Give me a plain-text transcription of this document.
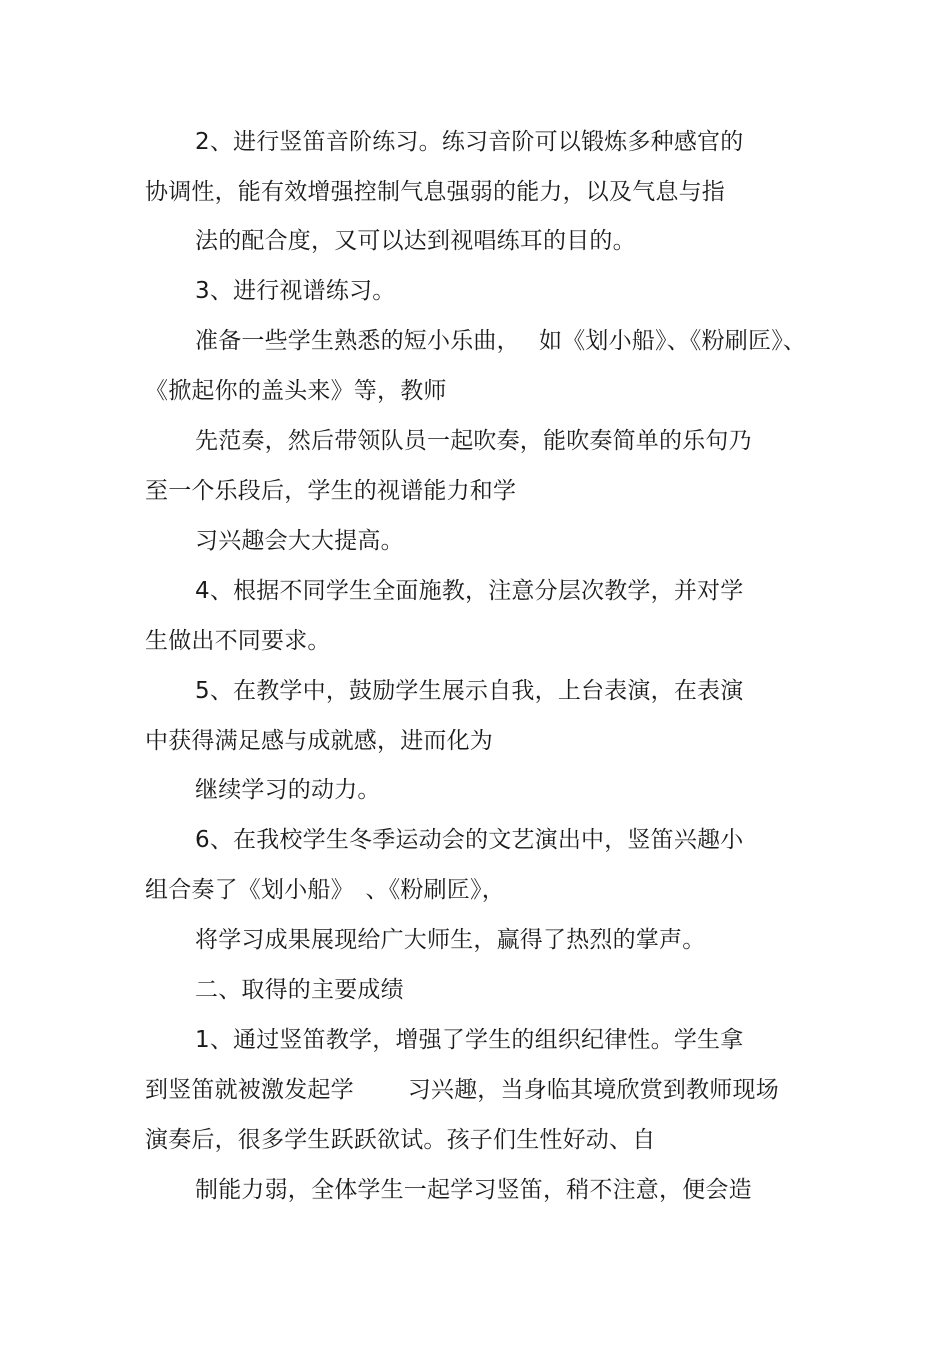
2、进行竖笛音阶练习。练习音阶可以锻炼多种感官的
协调性，能有效增强控制气息强弱的能力，以及气息与指
法的配合度，又可以达到视唱练耳的目的。
3、进行视谱练习。
准备一些学生熟悉的短小乐曲，　 如《划小船》、《粉刷匠》、
《掀起你的盖头来》等，教师
先范奏，然后带领队员一起吹奏，能吹奏简单的乐句乃
至一个乐段后，学生的视谱能力和学
习兴趣会大大提高。
4、根据不同学生全面施教，注意分层次教学，并对学
生做出不同要求。
5、在教学中，鼓励学生展示自我，上台表演，在表演
中获得满足感与成就感，进而化为
继续学习的动力。
6、在我校学生冬季运动会的文艺演出中，竖笛兴趣小
组合奏了《划小船》　、《粉刷匠》，
将学习成果展现给广大师生，赢得了热烈的掌声。
二、取得的主要成绩
1、通过竖笛教学，增强了学生的组织纪律性。学生拿
到竖笛就被激发起学　　 习兴趣，当身临其境欣赏到教师现场
演奏后，很多学生跃跃欲试。孩子们生性好动、自
制能力弱，全体学生一起学习竖笛，稍不注意，便会造
